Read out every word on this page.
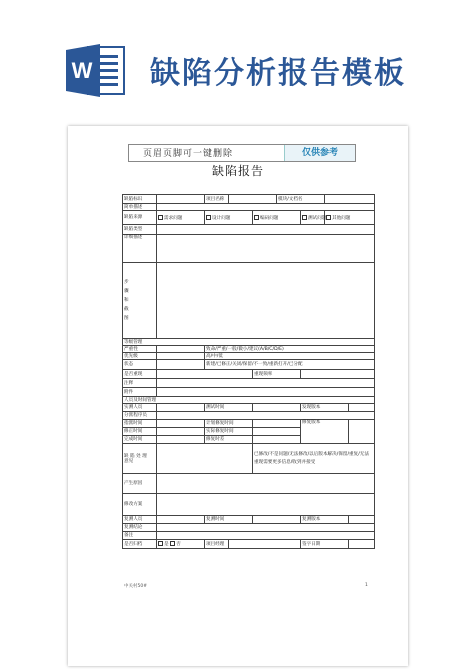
W 缺陷分析报告模板
页眉页脚可一键删除	仅供参考
缺陷报告
缺陷标识		项目名称			模块/文档名			
简单描述								
缺陷来源	需求问题	设计问题		编码问题		测试问题	其他问题	
缺陷类型								
详细描述								
步
骤
和
截
图								
等级管理								
严重性		致命/严重/一般/微小/建议(A/B/C/D/E)						
优先级		高/中/低						
状态		新建/已修正/关闭/保留/不一致/重新打开/已分配						
是否重现				重现频率				
注释								
附件								
人员及时间管理								
实测人员		测试时间				发现版本		
分派程序员								
指派时间		计划修复时间				修复版本		
修正时间		实际修复时间						
完成时间		修复时差						
缺 陷 处 理
意见				已修改/不是问题/无法修改/以后版本解决/保留/重复/无法重现需要更多信息/收到并接受				
产生原因								
修改方案								
复测人员		复测时间				复测版本		
复测结论								
备注								
是否归档	是 否	项目经理				签字日期		
中关村50#	1
